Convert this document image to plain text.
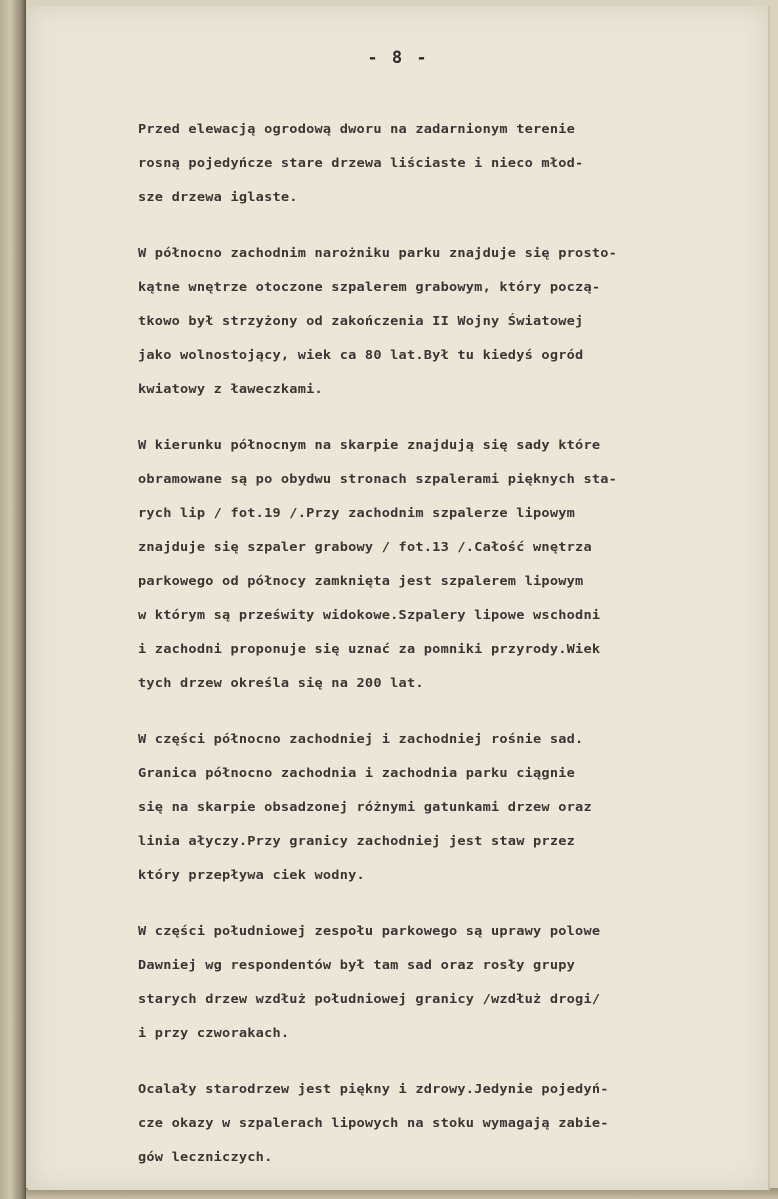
- 8 -
Przed elewacją ogrodową dworu na zadarnionym terenie
rosną pojedyńcze stare drzewa liściaste i nieco młod-
sze drzewa iglaste.
W północno zachodnim narożniku parku znajduje się prosto-
kątne wnętrze otoczone szpalerem grabowym, który począ-
tkowo był strzyżony od zakończenia II Wojny Światowej
jako wolnostojący, wiek ca 80 lat.Był tu kiedyś ogród
kwiatowy z ławeczkami.
W kierunku północnym na skarpie znajdują się sady które
obramowane są po obydwu stronach szpalerami pięknych sta-
rych lip / fot.19 /.Przy zachodnim szpalerze lipowym
znajduje się szpaler grabowy / fot.13 /.Całość wnętrza
parkowego od północy zamknięta jest szpalerem lipowym
w którym są prześwity widokowe.Szpalery lipowe wschodni
i zachodni proponuje się uznać za pomniki przyrody.Wiek
tych drzew określa się na 200 lat.
W części północno zachodniej i zachodniej rośnie sad.
Granica północno zachodnia i zachodnia parku ciągnie
się na skarpie obsadzonej różnymi gatunkami drzew oraz
linia ałyczy.Przy granicy zachodniej jest staw przez
który przepływa ciek wodny.
W części południowej zespołu parkowego są uprawy polowe
Dawniej wg respondentów był tam sad oraz rosły grupy
starych drzew wzdłuż południowej granicy /wzdłuż drogi/
i przy czworakach.
Ocalały starodrzew jest piękny i zdrowy.Jedynie pojedyń-
cze okazy w szpalerach lipowych na stoku wymagają zabie-
gów leczniczych.
